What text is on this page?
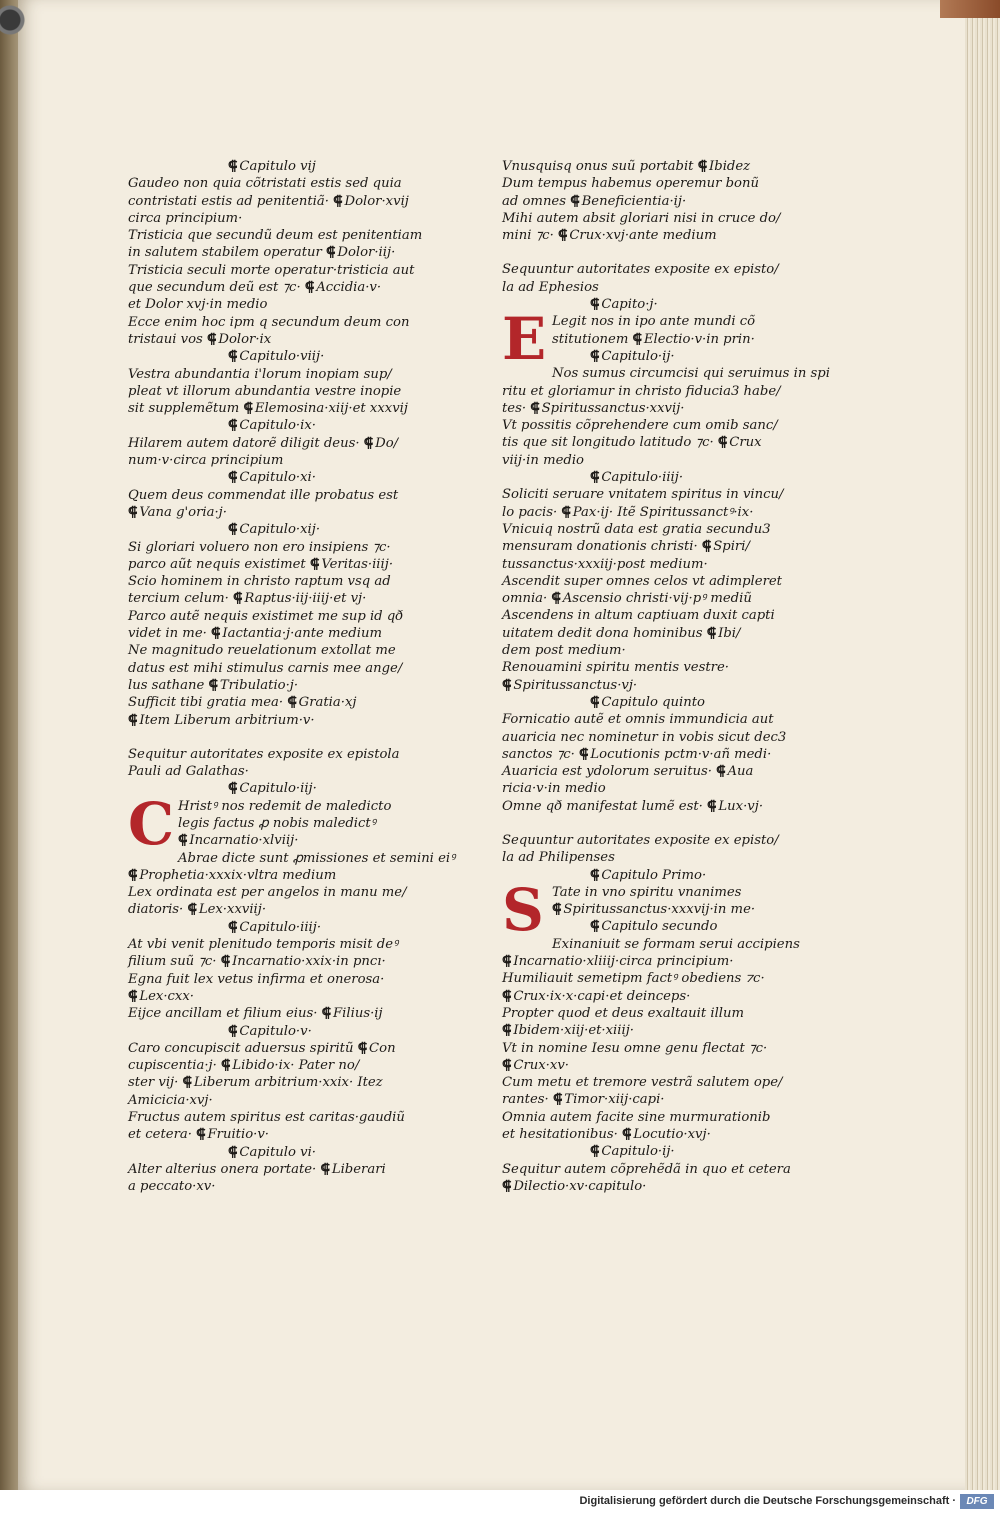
⸿ Capitulo vij
Gaudeo non quia cõtristati estis sed quia
contristati estis ad penitentiã· ⸿ Dolor·xvij
circa principium·
Tristicia que secundũ deum est penitentiam
in salutem stabilem operatur ⸿ Dolor·iij·
Tristicia seculi morte operatur·tristicia aut
que secundum deũ est ⁊c· ⸿ Accidia·v·
et Dolor xvj·in medio
Ecce enim hoc ipm q secundum deum con
tristaui vos ⸿ Dolor·ix
⸿ Capitulo·viij·
Vestra abundantia i'lorum inopiam sup/
pleat vt illorum abundantia vestre inopie
sit supplemẽtum ⸿ Elemosina·xiij·et xxxvij
⸿ Capitulo·ix·
Hilarem autem datorẽ diligit deus· ⸿ Do/
num·v·circa principium
⸿ Capitulo·xi·
Quem deus commendat ille probatus est
⸿ Vana g'oria·j·
⸿ Capitulo·xij·
Si gloriari voluero non ero insipiens ⁊c·
parco aũt nequis existimet ⸿ Veritas·iiij·
Scio hominem in christo raptum vsq ad
tercium celum· ⸿ Raptus·iij·iiij·et vj·
Parco autẽ nequis existimet me sup id qð
videt in me· ⸿ Iactantia·j·ante medium
Ne magnitudo reuelationum extollat me
datus est mihi stimulus carnis mee ange/
lus sathane ⸿ Tribulatio·j·
Sufficit tibi gratia mea· ⸿ Gratia·xj
⸿ Item Liberum arbitrium·v·
Sequitur autoritates exposite ex epistola
Pauli ad Galathas·
⸿ Capitulo·iij·
C Hristꝰ nos redemit de maledicto
legis factus ꝓ nobis maledictꝰ
⸿ Incarnatio·xlviij·
Abrae dicte sunt ꝓmissiones et semini eiꝰ
⸿ Prophetia·xxxix·vltra medium
Lex ordinata est per angelos in manu me/
diatoris· ⸿ Lex·xxviij·
⸿ Capitulo·iiij·
At vbi venit plenitudo temporis misit deꝰ
filium suũ ⁊c· ⸿ Incarnatio·xxix·in pncı·
Egna fuit lex vetus infirma et onerosa·
⸿ Lex·cxx·
Eijce ancillam et filium eius· ⸿ Filius·ij
⸿ Capitulo·v·
Caro concupiscit aduersus spiritũ ⸿ Con
cupiscentia·j· ⸿ Libido·ix· Pater no/
ster vij· ⸿ Liberum arbitrium·xxix· Itez
Amicicia·xvj·
Fructus autem spiritus est caritas·gaudiũ
et cetera· ⸿ Fruitio·v·
⸿ Capitulo vi·
Alter alterius onera portate· ⸿ Liberari
a peccato·xv·
Vnusquisq onus suũ portabit ⸿ Ibidez
Dum tempus habemus operemur bonũ
ad omnes ⸿ Beneficientia·ij·
Mihi autem absit gloriari nisi in cruce do/
mini ⁊c· ⸿ Crux·xvj·ante medium
Sequuntur autoritates exposite ex episto/
la ad Ephesios
⸿ Capito·j·
E Legit nos in ipo ante mundi cõ
stitutionem ⸿ Electio·v·in prin·
⸿ Capitulo·ij·
Nos sumus circumcisi qui seruimus in spi
ritu et gloriamur in christo fiducia3 habe/
tes· ⸿ Spiritussanctus·xxvij·
Vt possitis cõprehendere cum omib sanc/
tis que sit longitudo latitudo ⁊c· ⸿ Crux
viij·in medio
⸿ Capitulo·iiij·
Soliciti seruare vnitatem spiritus in vincu/
lo pacis· ⸿ Pax·ij· Itẽ Spiritussanctꝰ·ix·
Vnicuiq nostrũ data est gratia secundu3
mensuram donationis christi· ⸿ Spiri/
tussanctus·xxxiij·post medium·
Ascendit super omnes celos vt adimpleret
omnia· ⸿ Ascensio christi·vij·pꝰ mediũ
Ascendens in altum captiuam duxit capti
uitatem dedit dona hominibus ⸿ Ibi/
dem post medium·
Renouamini spiritu mentis vestre·
⸿ Spiritussanctus·vj·
⸿ Capitulo quinto
Fornicatio autẽ et omnis immundicia aut
auaricia nec nominetur in vobis sicut dec3
sanctos ⁊c· ⸿ Locutionis pctm·v·añ medi·
Auaricia est ydolorum seruitus· ⸿ Aua
ricia·v·in medio
Omne qð manifestat lumẽ est· ⸿ Lux·vj·
Sequuntur autoritates exposite ex episto/
la ad Philipenses
⸿ Capitulo Primo·
S Tate in vno spiritu vnanimes
⸿ Spiritussanctus·xxxvij·in me·
⸿ Capitulo secundo
Exinaniuit se formam serui accipiens
⸿ Incarnatio·xliiij·circa principium·
Humiliauit semetipm factꝰ obediens ⁊c·
⸿ Crux·ix·x·capi·et deinceps·
Propter quod et deus exaltauit illum
⸿ Ibidem·xiij·et·xiiij·
Vt in nomine Iesu omne genu flectat ⁊c·
⸿ Crux·xv·
Cum metu et tremore vestrã salutem ope/
rantes· ⸿ Timor·xiij·capi·
Omnia autem facite sine murmurationib
et hesitationibus· ⸿ Locutio·xvj·
⸿ Capitulo·ij·
Sequitur autem cõprehẽdã in quo et cetera
⸿ Dilectio·xv·capitulo·
Digitalisierung gefördert durch die Deutsche Forschungsgemeinschaft ·	DFG
